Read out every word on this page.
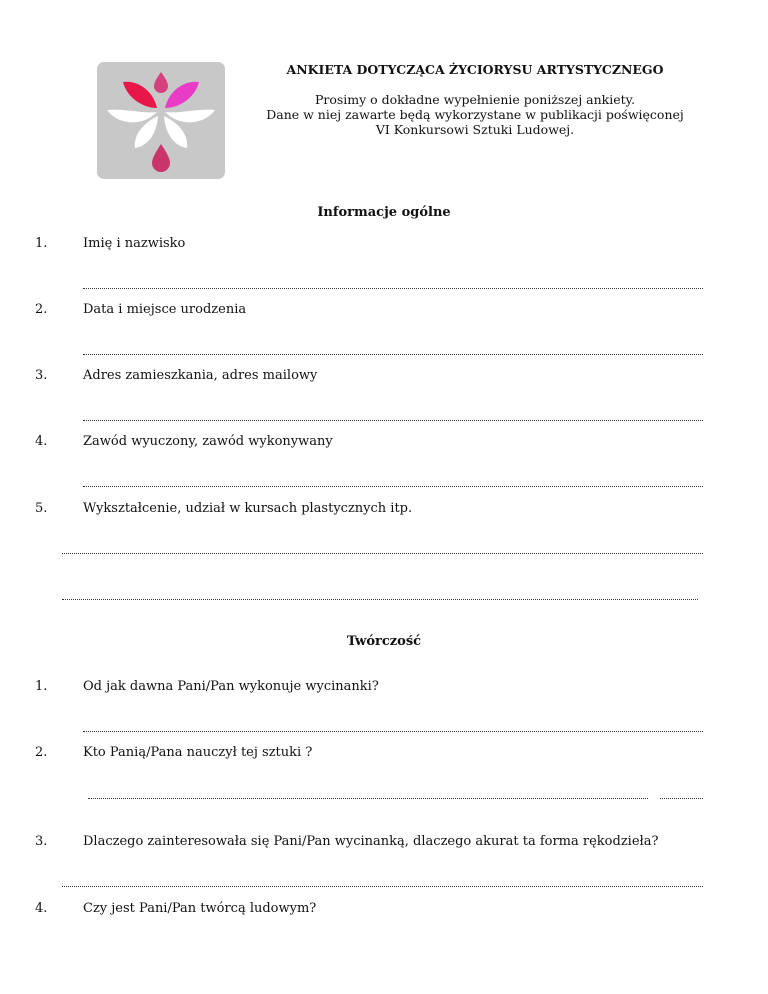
ANKIETA DOTYCZĄCA ŻYCIORYSU ARTYSTYCZNEGO
Prosimy o dokładne wypełnienie poniższej ankiety.
Dane w niej zawarte będą wykorzystane w publikacji poświęconej
VI Konkursowi Sztuki Ludowej.
Informacje ogólne
1.	Imię i nazwisko
2.	Data i miejsce urodzenia
3.	Adres zamieszkania, adres mailowy
4.	Zawód wyuczony, zawód wykonywany
5.	Wykształcenie, udział w kursach plastycznych itp.
Twórczość
1.	Od jak dawna Pani/Pan wykonuje wycinanki?
2.	Kto Panią/Pana nauczył tej sztuki ?
3.	Dlaczego zainteresowała się Pani/Pan wycinanką, dlaczego akurat ta forma rękodzieła?
4.	Czy jest Pani/Pan twórcą ludowym?
